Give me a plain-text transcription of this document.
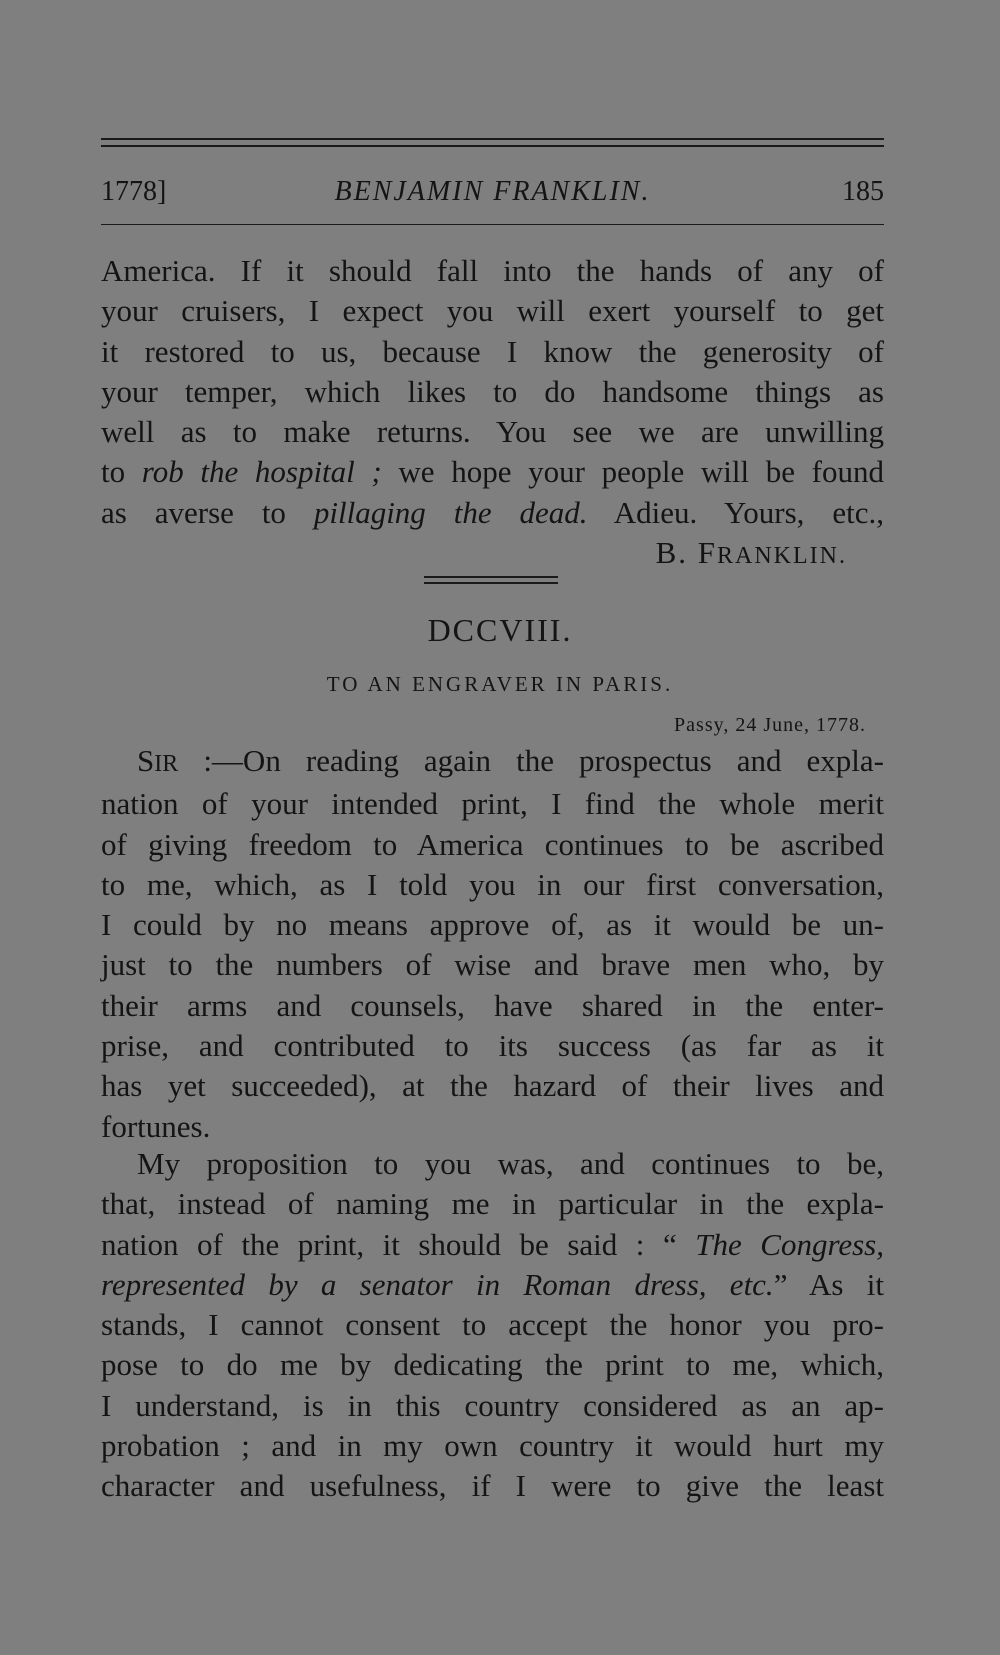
1778]	BENJAMIN FRANKLIN.	185
America. If it should fall into the hands of any of
your cruisers, I expect you will exert yourself to get
it restored to us, because I know the generosity of
your temper, which likes to do handsome things as
well as to make returns. You see we are unwilling
to rob the hospital ; we hope your people will be found
as averse to pillaging the dead. Adieu. Yours, etc.,
B. FRANKLIN.
DCCVIII.
TO AN ENGRAVER IN PARIS.
Passy, 24 June, 1778.
SIR :—On reading again the prospectus and expla-
nation of your intended print, I find the whole merit
of giving freedom to America continues to be ascribed
to me, which, as I told you in our first conversation,
I could by no means approve of, as it would be un-
just to the numbers of wise and brave men who, by
their arms and counsels, have shared in the enter-
prise, and contributed to its success (as far as it
has yet succeeded), at the hazard of their lives and
fortunes.
My proposition to you was, and continues to be,
that, instead of naming me in particular in the expla-
nation of the print, it should be said : “ The Congress,
represented by a senator in Roman dress, etc.” As it
stands, I cannot consent to accept the honor you pro-
pose to do me by dedicating the print to me, which,
I understand, is in this country considered as an ap-
probation ; and in my own country it would hurt my
character and usefulness, if I were to give the least
